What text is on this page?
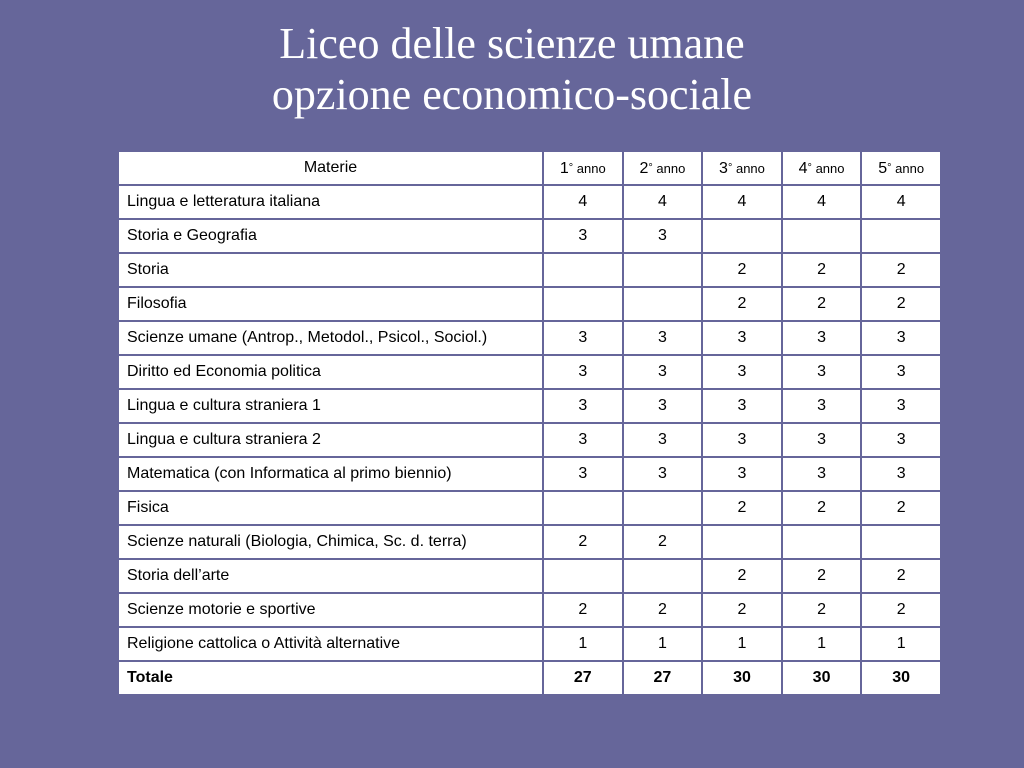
Liceo delle scienze umane
opzione economico-sociale
Materie	1° anno	2° anno	3° anno	4° anno	5° anno
Lingua e letteratura italiana	4	4	4	4	4
Storia e Geografia	3	3			
Storia			2	2	2
Filosofia			2	2	2
Scienze umane (Antrop., Metodol., Psicol., Sociol.)	3	3	3	3	3
Diritto ed Economia politica	3	3	3	3	3
Lingua e cultura straniera 1	3	3	3	3	3
Lingua e cultura straniera 2	3	3	3	3	3
Matematica (con Informatica al primo biennio)	3	3	3	3	3
Fisica			2	2	2
Scienze naturali (Biologia, Chimica, Sc. d. terra)	2	2			
Storia dell’arte			2	2	2
Scienze motorie e sportive	2	2	2	2	2
Religione cattolica o Attività alternative	1	1	1	1	1
Totale	27	27	30	30	30
